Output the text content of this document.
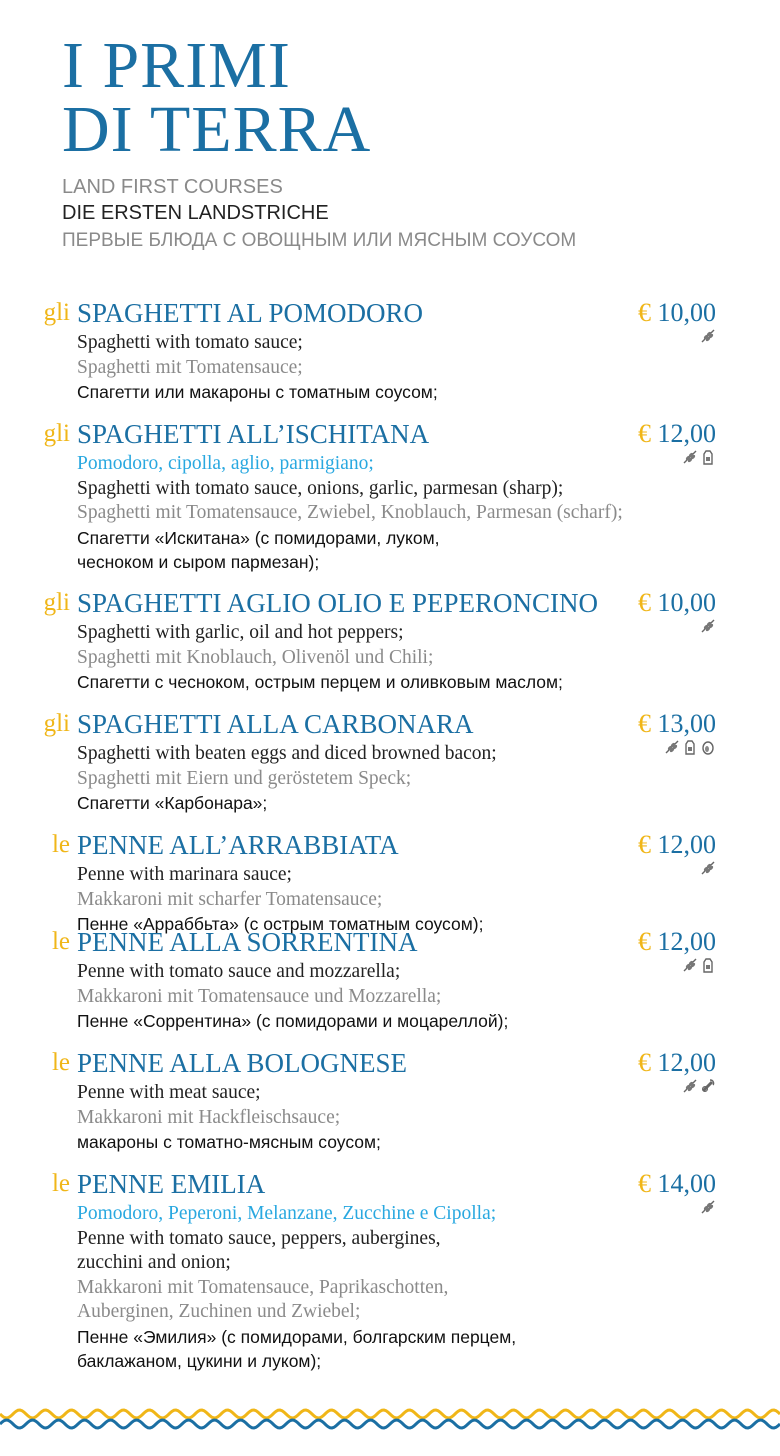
I PRIMI
DI TERRA
LAND FIRST COURSES
DIE ERSTEN LANDSTRICHE
ПЕРВЫЕ БЛЮДА С ОВОЩНЫМ ИЛИ МЯСНЫМ СОУСОМ
gli SPAGHETTI AL POMODORO	€ 10,00
Spaghetti with tomato sauce;
Spaghetti mit Tomatensauce;
Спагетти или макароны с томатным соусом;
gli SPAGHETTI ALL’ISCHITANA	€ 12,00
Pomodoro, cipolla, aglio, parmigiano;
Spaghetti with tomato sauce, onions, garlic, parmesan (sharp);
Spaghetti mit Tomatensauce, Zwiebel, Knoblauch, Parmesan (scharf);
Спагетти «Искитана» (с помидорами, луком,
чесноком и сыром пармезан);
gli SPAGHETTI AGLIO OLIO E PEPERONCINO € 10,00
Spaghetti with garlic, oil and hot peppers;
Spaghetti mit Knoblauch, Olivenöl und Chili;
Спагетти с чесноком, острым перцем и оливковым маслом;
gli SPAGHETTI ALLA CARBONARA	€ 13,00
Spaghetti with beaten eggs and diced browned bacon;
Spaghetti mit Eiern und geröstetem Speck;
Спагетти «Карбонара»;
le PENNE ALL’ARRABBIATA	€ 12,00
Penne with marinara sauce;
Makkaroni mit scharfer Tomatensauce;
Пенне «Арраббьта» (с острым томатным соусом);
le PENNE ALLA SORRENTINA	€ 12,00
Penne with tomato sauce and mozzarella;
Makkaroni mit Tomatensauce und Mozzarella;
Пенне «Соррентина» (с помидорами и моцареллой);
le PENNE ALLA BOLOGNESE	€ 12,00
Penne with meat sauce;
Makkaroni mit Hackfleischsauce;
макароны с томатно-мясным соусом;
le PENNE EMILIA	€ 14,00
Pomodoro, Peperoni, Melanzane, Zucchine e Cipolla;
Penne with tomato sauce, peppers, aubergines,
zucchini and onion;
Makkaroni mit Tomatensauce, Paprikaschotten,
Auberginen, Zuchinen und Zwiebel;
Пенне «Эмилия» (с помидорами, болгарским перцем,
баклажаном, цукини и луком);
